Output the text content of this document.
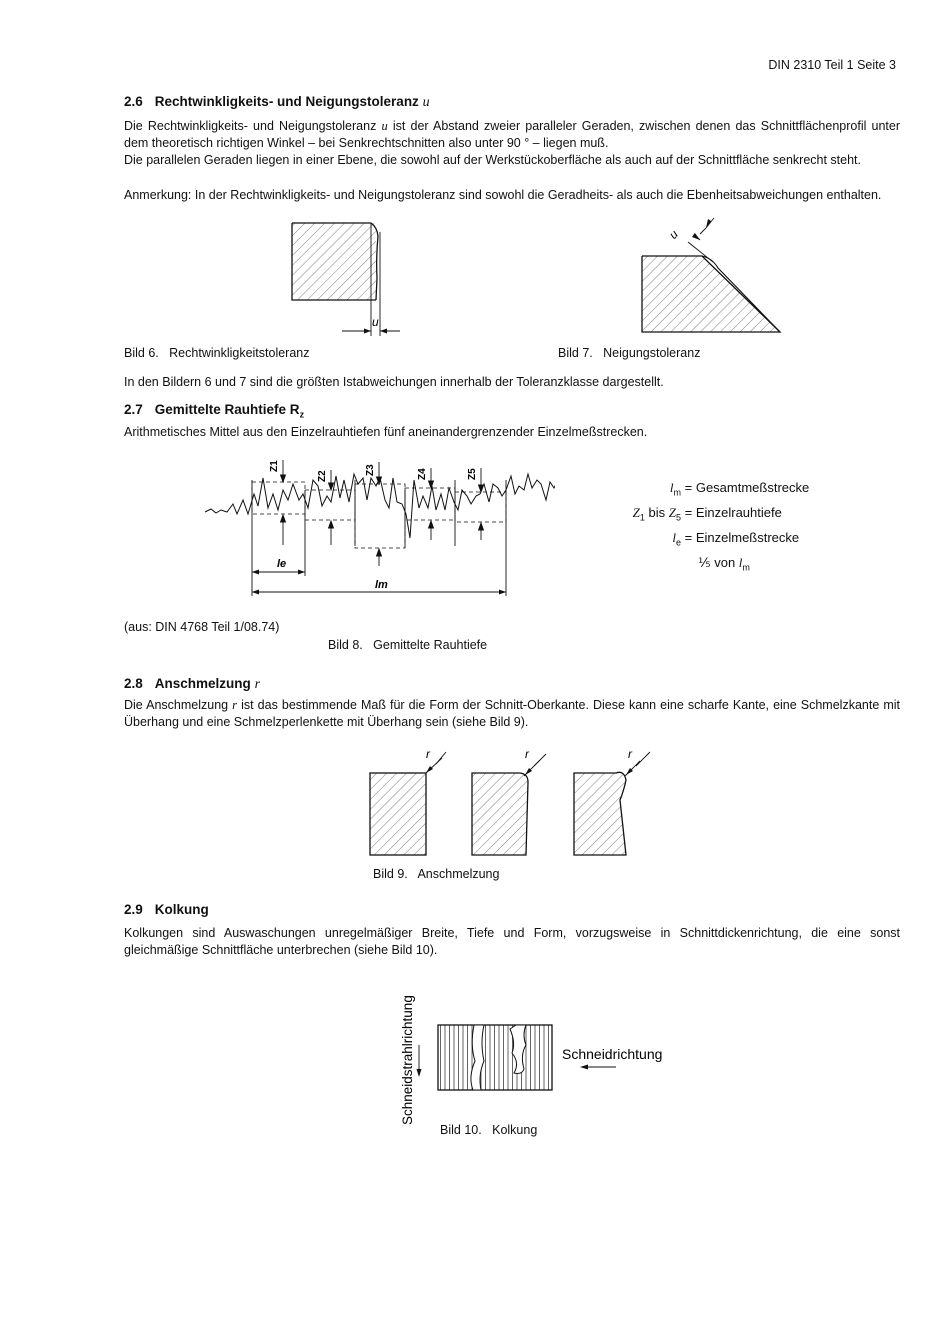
DIN 2310 Teil 1 Seite 3
2.6 Rechtwinkligkeits- und Neigungstoleranz u
Die Rechtwinkligkeits- und Neigungstoleranz u ist der Abstand zweier paralleler Geraden, zwischen denen das Schnittflächenprofil unter dem theoretisch richtigen Winkel – bei Senkrechtschnitten also unter 90 ° – liegen muß.
Die parallelen Geraden liegen in einer Ebene, die sowohl auf der Werkstückoberfläche als auch auf der Schnittfläche senkrecht steht.
Anmerkung: In der Rechtwinkligkeits- und Neigungstoleranz sind sowohl die Geradheits- als auch die Ebenheitsabweichungen enthalten.
u
u
Bild 6.   Rechtwinkligkeitstoleranz	Bild 7.   Neigungstoleranz
In den Bildern 6 und 7 sind die größten Istabweichungen innerhalb der Toleranzklasse dargestellt.
2.7 Gemittelte Rauhtiefe $R_z$
Arithmetisches Mittel aus den Einzelrauhtiefen fünf aneinandergrenzender Einzelmeßstrecken.
Z1
Z2
Z3	Z4	Z5
le
lm
$l_m$ = Gesamtmeßstrecke
$Z_1$ bis $Z_5$ = Einzelrauhtiefe
$l_e$ = Einzelmeßstrecke
⅕ von $l_m$
(aus: DIN 4768 Teil 1/08.74)
Bild 8.   Gemittelte Rauhtiefe
2.8 Anschmelzung r
Die Anschmelzung r ist das bestimmende Maß für die Form der Schnitt-Oberkante. Diese kann eine scharfe Kante, eine Schmelzkante mit Überhang und eine Schmelzperlenkette mit Überhang sein (siehe Bild 9).
r	r	r
Bild 9.   Anschmelzung
2.9 Kolkung
Kolkungen sind Auswaschungen unregelmäßiger Breite, Tiefe und Form, vorzugsweise in Schnittdickenrichtung, die eine sonst gleichmäßige Schnittfläche unterbrechen (siehe Bild 10).
Schneidstrahlrichtung	Schneidrichtung
Bild 10.   Kolkung
